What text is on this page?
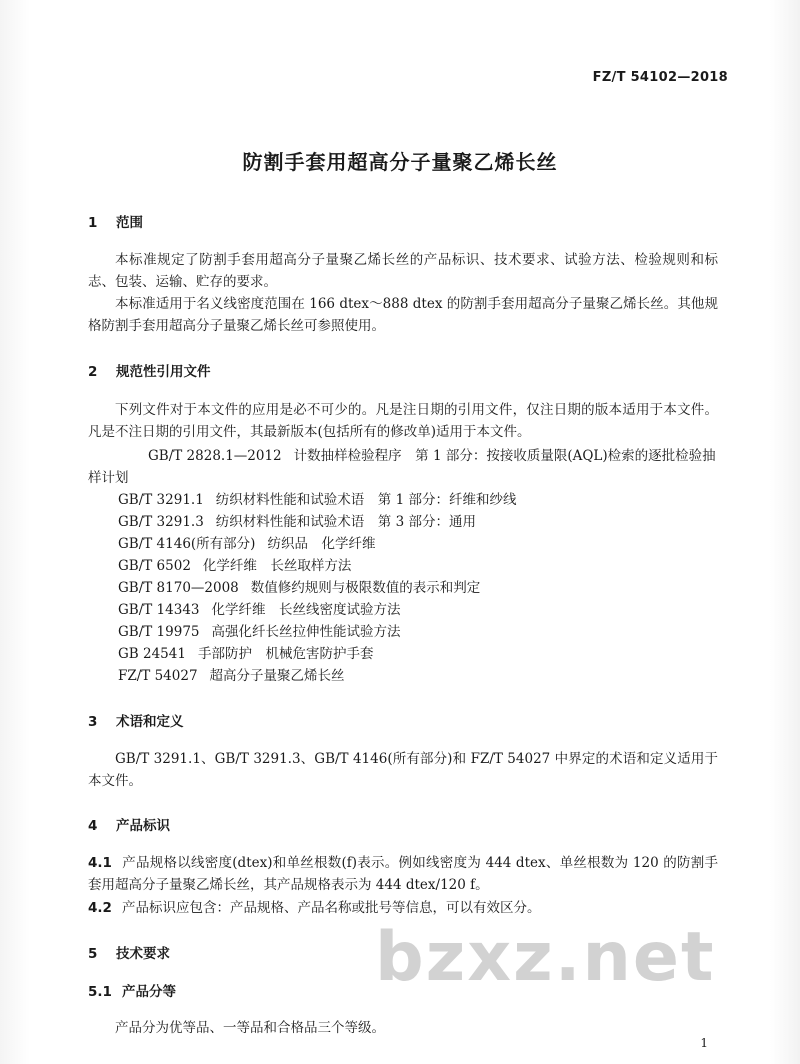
FZ/T 54102—2018
防割手套用超高分子量聚乙烯长丝
1 范围
本标准规定了防割手套用超高分子量聚乙烯长丝的产品标识、技术要求、试验方法、检验规则和标志、包装、运输、贮存的要求。
本标准适用于名义线密度范围在 166 dtex～888 dtex 的防割手套用超高分子量聚乙烯长丝。其他规格防割手套用超高分子量聚乙烯长丝可参照使用。
2 规范性引用文件
下列文件对于本文件的应用是必不可少的。凡是注日期的引用文件，仅注日期的版本适用于本文件。凡是不注日期的引用文件，其最新版本(包括所有的修改单)适用于本文件。
GB/T 2828.1—2012 计数抽样检验程序　第 1 部分：按接收质量限(AQL)检索的逐批检验抽样计划
GB/T 3291.1 纺织材料性能和试验术语　第 1 部分：纤维和纱线
GB/T 3291.3 纺织材料性能和试验术语　第 3 部分：通用
GB/T 4146(所有部分) 纺织品　化学纤维
GB/T 6502 化学纤维　长丝取样方法
GB/T 8170—2008 数值修约规则与极限数值的表示和判定
GB/T 14343 化学纤维　长丝线密度试验方法
GB/T 19975 高强化纤长丝拉伸性能试验方法
GB 24541 手部防护　机械危害防护手套
FZ/T 54027 超高分子量聚乙烯长丝
3 术语和定义
GB/T 3291.1、GB/T 3291.3、GB/T 4146(所有部分)和 FZ/T 54027 中界定的术语和定义适用于本文件。
4 产品标识
4.1 产品规格以线密度(dtex)和单丝根数(f)表示。例如线密度为 444 dtex、单丝根数为 120 的防割手套用超高分子量聚乙烯长丝，其产品规格表示为 444 dtex/120 f。
4.2 产品标识应包含：产品规格、产品名称或批号等信息，可以有效区分。
5 技术要求
5.1 产品分等
产品分为优等品、一等品和合格品三个等级。
bzxz.net
1
